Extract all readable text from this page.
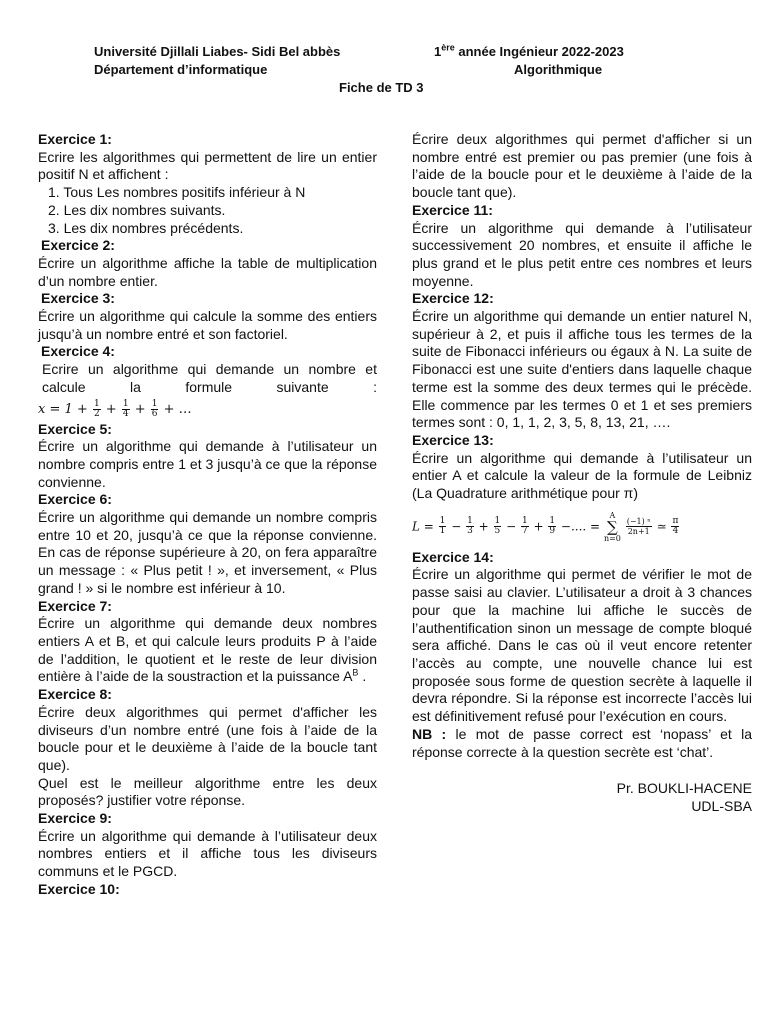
Université Djillali Liabes- Sidi Bel abbès	1ère année Ingénieur 2022-2023
Département d’informatique	Algorithmique
Fiche de TD 3

Exercice 1:

Ecrire les algorithmes qui permettent de lire un entier positif N et affichent :

1. Tous Les nombres positifs inférieur à N
2. Les dix nombres suivants.
3. Les dix nombres précédents.

Exercice 2:

Écrire un algorithme affiche la table de multiplication d’un nombre entier.

Exercice 3:

Écrire un algorithme qui calcule la somme des entiers jusqu’à un nombre entré et son factoriel.

Exercice 4:

Ecrire un algorithme qui demande un nombre et calcule la formule suivante :

$x = 1 + \frac{1}{2} + \frac{1}{4} + \frac{1}{6}$ + …

Exercice 5:

Écrire un algorithme qui demande à l’utilisateur un nombre compris entre 1 et 3 jusqu’à ce que la réponse convienne.

Exercice 6:

Écrire un algorithme qui demande un nombre compris entre 10 et 20, jusqu’à ce que la réponse convienne. En cas de réponse supérieure à 20, on fera apparaître un message : « Plus petit ! », et inversement, « Plus grand ! » si le nombre est inférieur à 10.

Exercice 7:

Écrire un algorithme qui demande deux nombres entiers A et B, et qui calcule leurs produits P à l’aide de l’addition, le quotient et le reste de leur division entière à l’aide de la soustraction et la puissance $A^B$ .

Exercice 8:

Écrire deux algorithmes qui permet d'afficher les diviseurs d’un nombre entré (une fois à l’aide de la boucle pour et le deuxième à l’aide de la boucle tant que).

Quel est le meilleur algorithme entre les deux proposés? justifier votre réponse.

Exercice 9:

Écrire un algorithme qui demande à l’utilisateur deux nombres entiers et il affiche tous les diviseurs communs et le PGCD.

Exercice 10:

Écrire deux algorithmes qui permet d'afficher si un nombre entré est premier ou pas premier (une fois à l’aide de la boucle pour et le deuxième à l’aide de la boucle tant que).

Exercice 11:

Écrire un algorithme qui demande à l’utilisateur successivement 20 nombres, et ensuite il affiche le plus grand et le plus petit entre ces nombres et leurs moyenne.

Exercice 12:

Écrire un algorithme qui demande un entier naturel N, supérieur à 2, et puis il affiche tous les termes de la suite de Fibonacci inférieurs ou égaux à N. La suite de Fibonacci est une suite d'entiers dans laquelle chaque terme est la somme des deux termes qui le précède. Elle commence par les termes 0 et 1 et ses premiers termes sont : 0, 1, 1, 2, 3, 5, 8, 13, 21, ….

Exercice 13:

Écrire un algorithme qui demande à l’utilisateur un entier A et calcule la valeur de la formule de Leibniz (La Quadrature arithmétique pour π)

$L = \frac{1}{1} - \frac{1}{3} + \frac{1}{5} - \frac{1}{7} + \frac{1}{9}$ −.... =
A
∑
n=0

$\frac{\text{(−1) ⁿ}}{2n+1}$ ≃ $\frac{\pi}{4}$

Exercice 14:

Écrire un algorithme qui permet de vérifier le mot de passe saisi au clavier. L’utilisateur a droit à 3 chances pour que la machine lui affiche le succès de l’authentification sinon un message de compte bloqué sera affiché. Dans le cas où il veut encore retenter l’accès au compte, une nouvelle chance lui est proposée sous forme de question secrète à laquelle il devra répondre. Si la réponse est incorrecte l’accès lui est définitivement refusé pour l’exécution en cours.

NB : le mot de passe correct est ‘nopass’ et la réponse correcte à la question secrète est ‘chat’.

Pr. BOUKLI-HACENE

UDL-SBA
